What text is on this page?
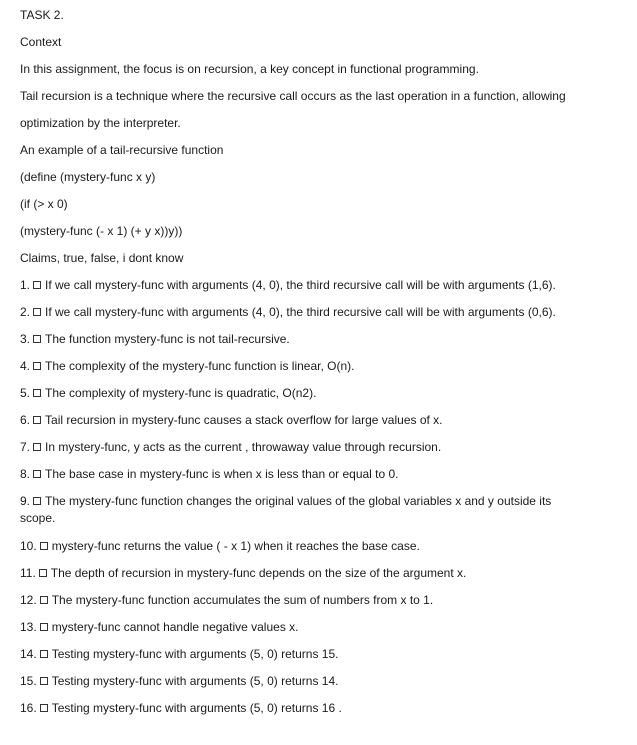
TASK 2.
Context
In this assignment, the focus is on recursion, a key concept in functional programming.
Tail recursion is a technique where the recursive call occurs as the last operation in a function, allowing
optimization by the interpreter.
An example of a tail-recursive function
(define (mystery-func x y)
(if (> x 0)
(mystery-func (- x 1) (+ y x))y))
Claims, true, false, i dont know
1. If we call mystery-func with arguments (4, 0), the third recursive call will be with arguments (1,6).
2. If we call mystery-func with arguments (4, 0), the third recursive call will be with arguments (0,6).
3. The function mystery-func is not tail-recursive.
4. The complexity of the mystery-func function is linear, O(n).
5. The complexity of mystery-func is quadratic, O(n2).
6. Tail recursion in mystery-func causes a stack overflow for large values of x.
7. In mystery-func, y acts as the current , throwaway value through recursion.
8. The base case in mystery-func is when x is less than or equal to 0.
9. The mystery-func function changes the original values of the global variables x and y outside its
scope.
10. mystery-func returns the value ( - x 1) when it reaches the base case.
11. The depth of recursion in mystery-func depends on the size of the argument x.
12. The mystery-func function accumulates the sum of numbers from x to 1.
13. mystery-func cannot handle negative values x.
14. Testing mystery-func with arguments (5, 0) returns 15.
15. Testing mystery-func with arguments (5, 0) returns 14.
16. Testing mystery-func with arguments (5, 0) returns 16 .
